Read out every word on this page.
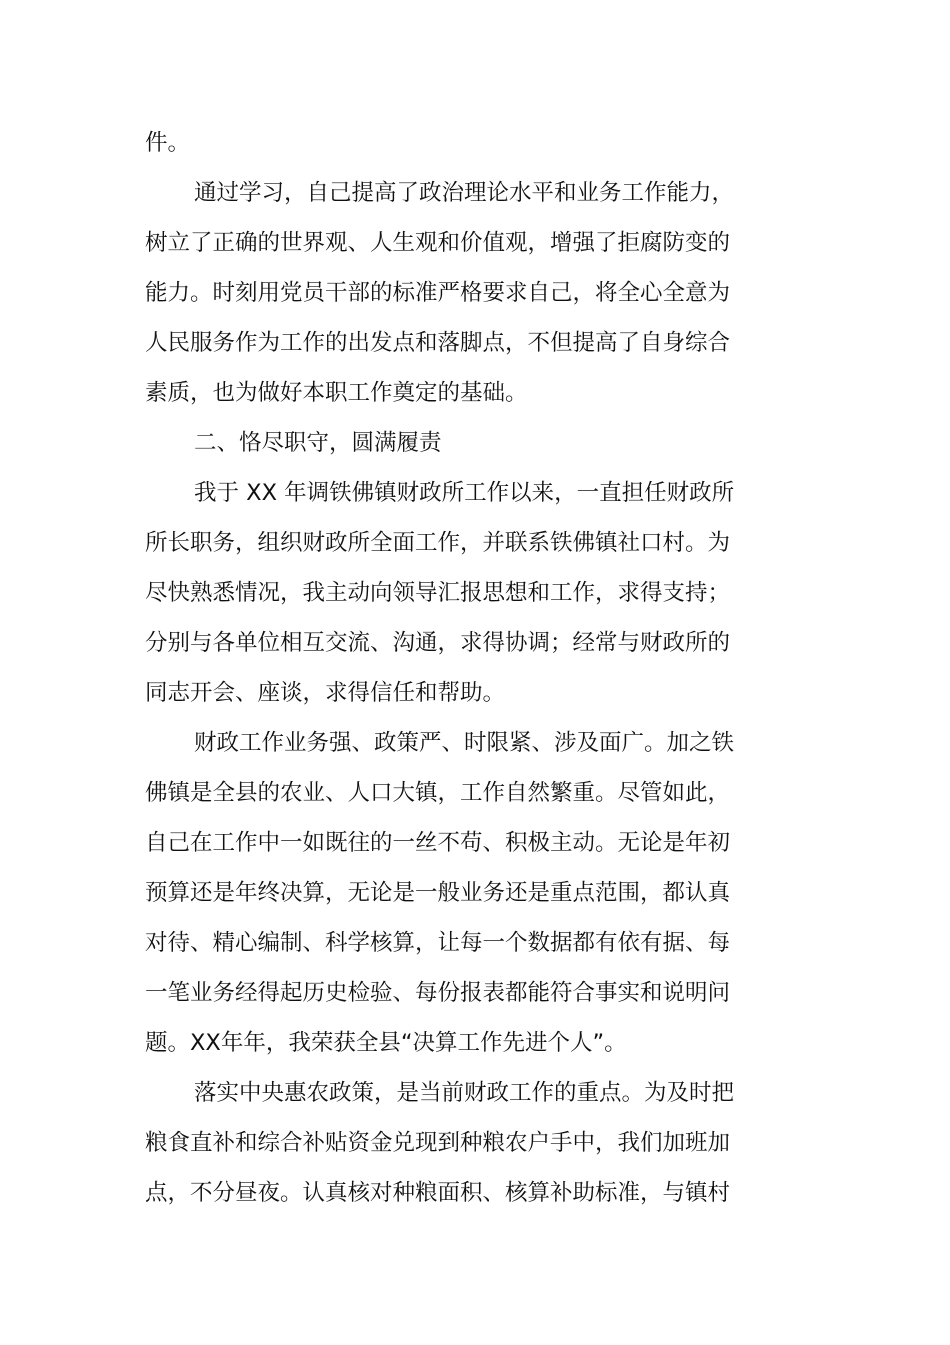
件。
通过学习，自己提高了政治理论水平和业务工作能力，
树立了正确的世界观、人生观和价值观，增强了拒腐防变的
能力。时刻用党员干部的标准严格要求自己，将全心全意为
人民服务作为工作的出发点和落脚点，不但提高了自身综合
素质，也为做好本职工作奠定的基础。
二、恪尽职守，圆满履责
我于 XX 年调铁佛镇财政所工作以来，一直担任财政所
所长职务，组织财政所全面工作，并联系铁佛镇社口村。为
尽快熟悉情况，我主动向领导汇报思想和工作，求得支持；
分别与各单位相互交流、沟通，求得协调；经常与财政所的
同志开会、座谈，求得信任和帮助。
财政工作业务强、政策严、时限紧、涉及面广。加之铁
佛镇是全县的农业、人口大镇，工作自然繁重。尽管如此，
自己在工作中一如既往的一丝不苟、积极主动。无论是年初
预算还是年终决算，无论是一般业务还是重点范围，都认真
对待、精心编制、科学核算，让每一个数据都有依有据、每
一笔业务经得起历史检验、每份报表都能符合事实和说明问
题。XX年年，我荣获全县“决算工作先进个人”。
落实中央惠农政策，是当前财政工作的重点。为及时把
粮食直补和综合补贴资金兑现到种粮农户手中，我们加班加
点，不分昼夜。认真核对种粮面积、核算补助标准，与镇村
